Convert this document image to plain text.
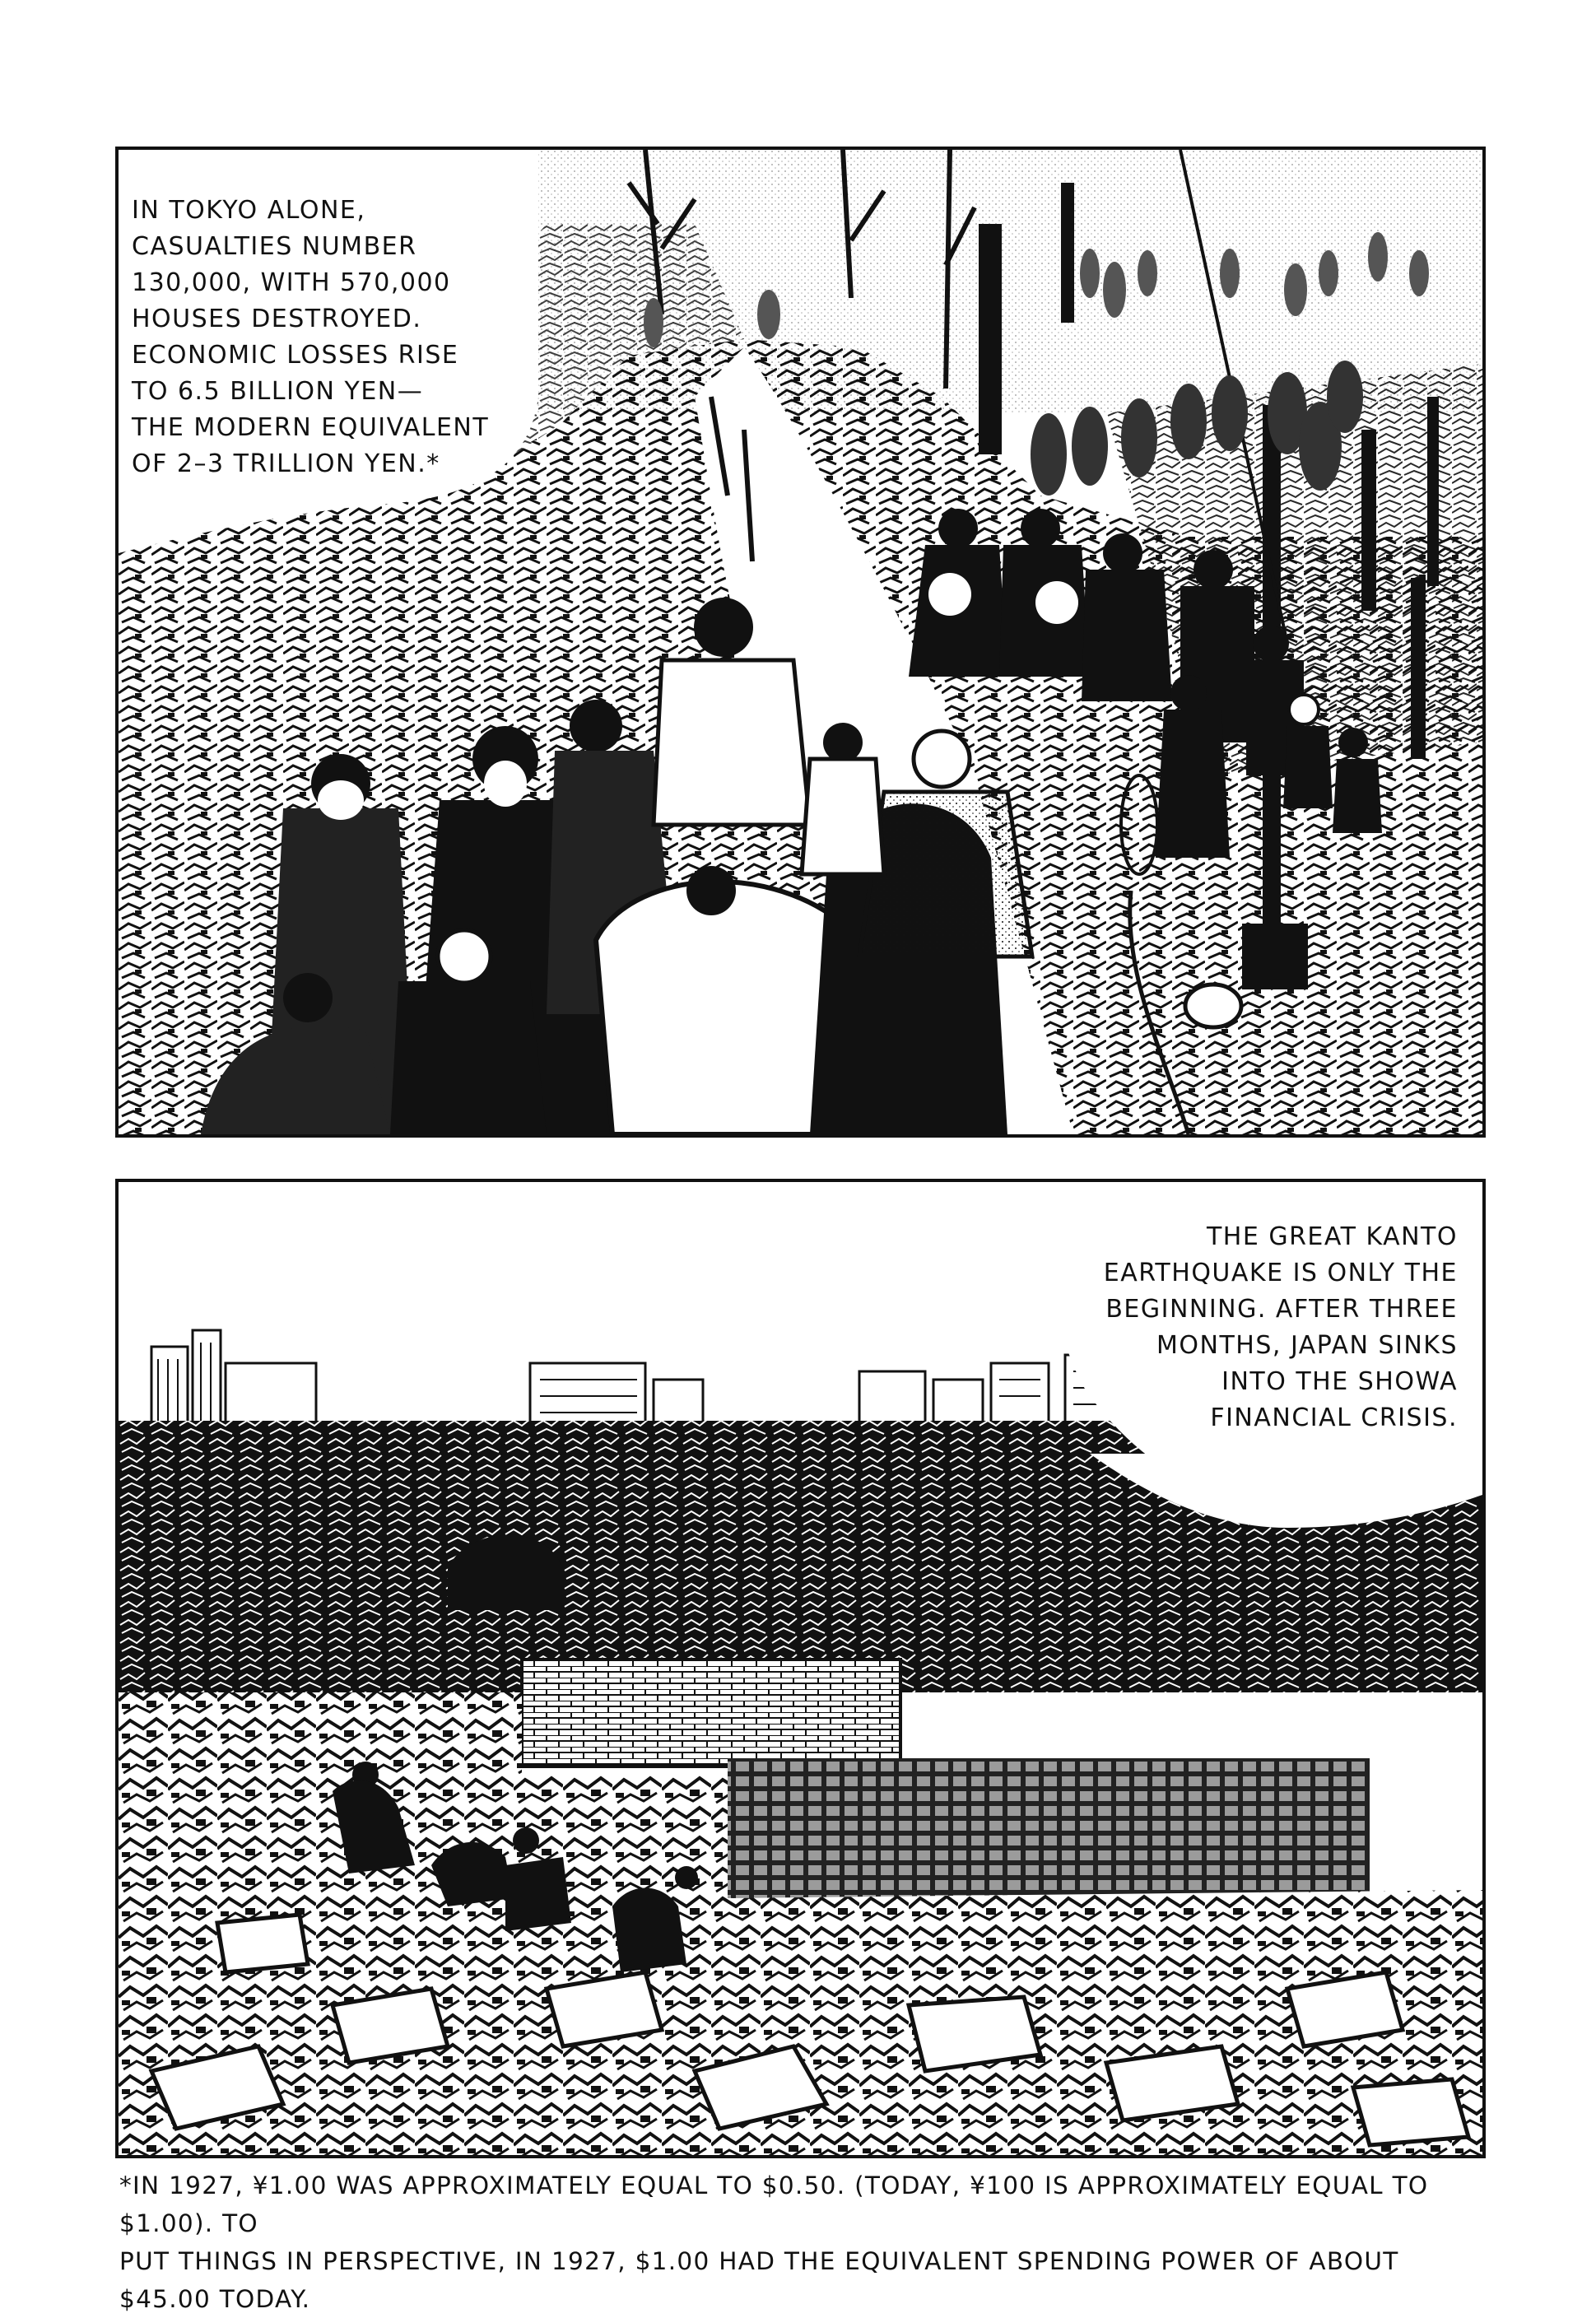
IN TOKYO ALONE,
CASUALTIES NUMBER
130,000, WITH 570,000
HOUSES DESTROYED.
ECONOMIC LOSSES RISE
TO 6.5 BILLION YEN—
THE MODERN EQUIVALENT
OF 2–3 TRILLION YEN.*

THE GREAT KANTO
EARTHQUAKE IS ONLY THE
BEGINNING. AFTER THREE
MONTHS, JAPAN SINKS
INTO THE SHOWA
FINANCIAL CRISIS.

*IN 1927, ¥1.00 WAS APPROXIMATELY EQUAL TO $0.50. (TODAY, ¥100 IS APPROXIMATELY EQUAL TO $1.00). TO
PUT THINGS IN PERSPECTIVE, IN 1927, $1.00 HAD THE EQUIVALENT SPENDING POWER OF ABOUT $45.00 TODAY.
